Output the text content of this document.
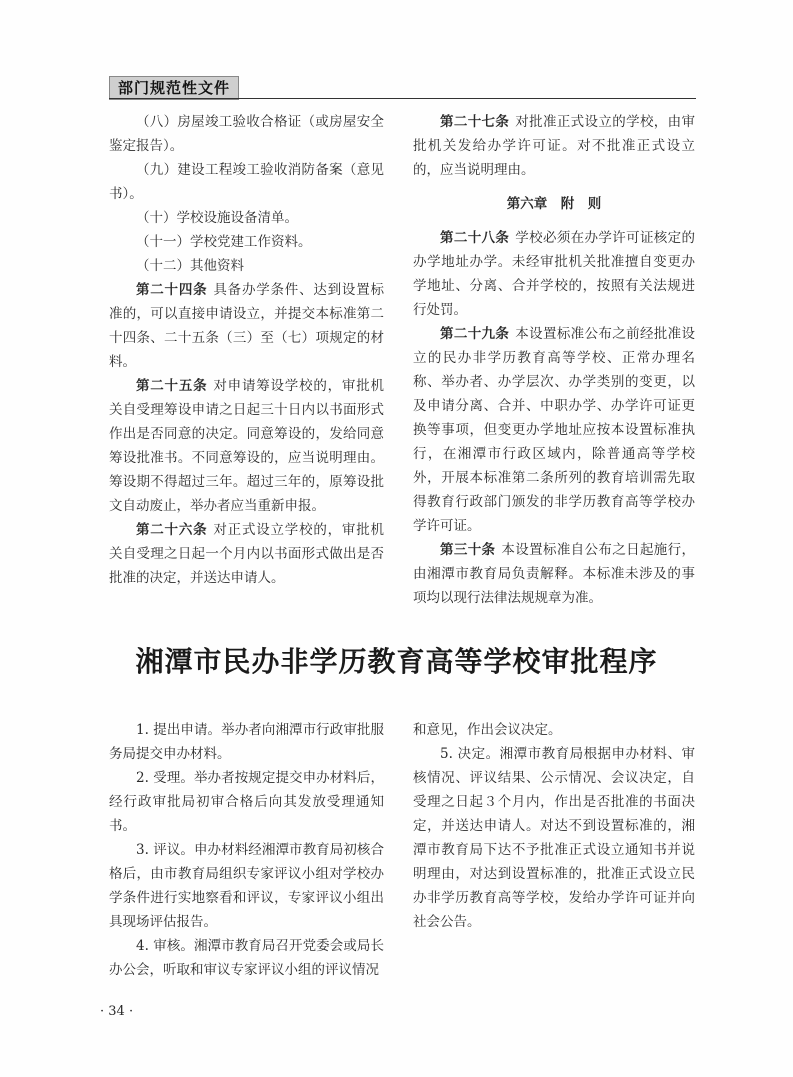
部门规范性文件

（八）房屋竣工验收合格证（或房屋安全鉴定报告）。

（九）建设工程竣工验收消防备案（意见书）。

（十）学校设施设备清单。

（十一）学校党建工作资料。

（十二）其他资料

第二十四条 具备办学条件、达到设置标准的，可以直接申请设立，并提交本标准第二十四条、二十五条（三）至（七）项规定的材料。

第二十五条 对申请筹设学校的，审批机关自受理筹设申请之日起三十日内以书面形式作出是否同意的决定。同意筹设的，发给同意筹设批准书。不同意筹设的，应当说明理由。筹设期不得超过三年。超过三年的，原筹设批文自动废止，举办者应当重新申报。

第二十六条 对正式设立学校的，审批机关自受理之日起一个月内以书面形式做出是否批准的决定，并送达申请人。

第二十七条 对批准正式设立的学校，由审批机关发给办学许可证。对不批准正式设立的，应当说明理由。

第六章　附　则

第二十八条 学校必须在办学许可证核定的办学地址办学。未经审批机关批准擅自变更办学地址、分离、合并学校的，按照有关法规进行处罚。

第二十九条 本设置标准公布之前经批准设立的民办非学历教育高等学校、正常办理名称、举办者、办学层次、办学类别的变更，以及申请分离、合并、中职办学、办学许可证更换等事项，但变更办学地址应按本设置标准执行，在湘潭市行政区域内，除普通高等学校外，开展本标准第二条所列的教育培训需先取得教育行政部门颁发的非学历教育高等学校办学许可证。

第三十条 本设置标准自公布之日起施行，由湘潭市教育局负责解释。本标准未涉及的事项均以现行法律法规规章为准。

湘潭市民办非学历教育高等学校审批程序

1. 提出申请。举办者向湘潭市行政审批服务局提交申办材料。

2. 受理。举办者按规定提交申办材料后，经行政审批局初审合格后向其发放受理通知书。

3. 评议。申办材料经湘潭市教育局初核合格后，由市教育局组织专家评议小组对学校办学条件进行实地察看和评议，专家评议小组出具现场评估报告。

4. 审核。湘潭市教育局召开党委会或局长办公会，听取和审议专家评议小组的评议情况

和意见，作出会议决定。

5. 决定。湘潭市教育局根据申办材料、审核情况、评议结果、公示情况、会议决定，自受理之日起３个月内，作出是否批准的书面决定，并送达申请人。对达不到设置标准的，湘潭市教育局下达不予批准正式设立通知书并说明理由，对达到设置标准的，批准正式设立民办非学历教育高等学校，发给办学许可证并向社会公告。

· 34 ·
